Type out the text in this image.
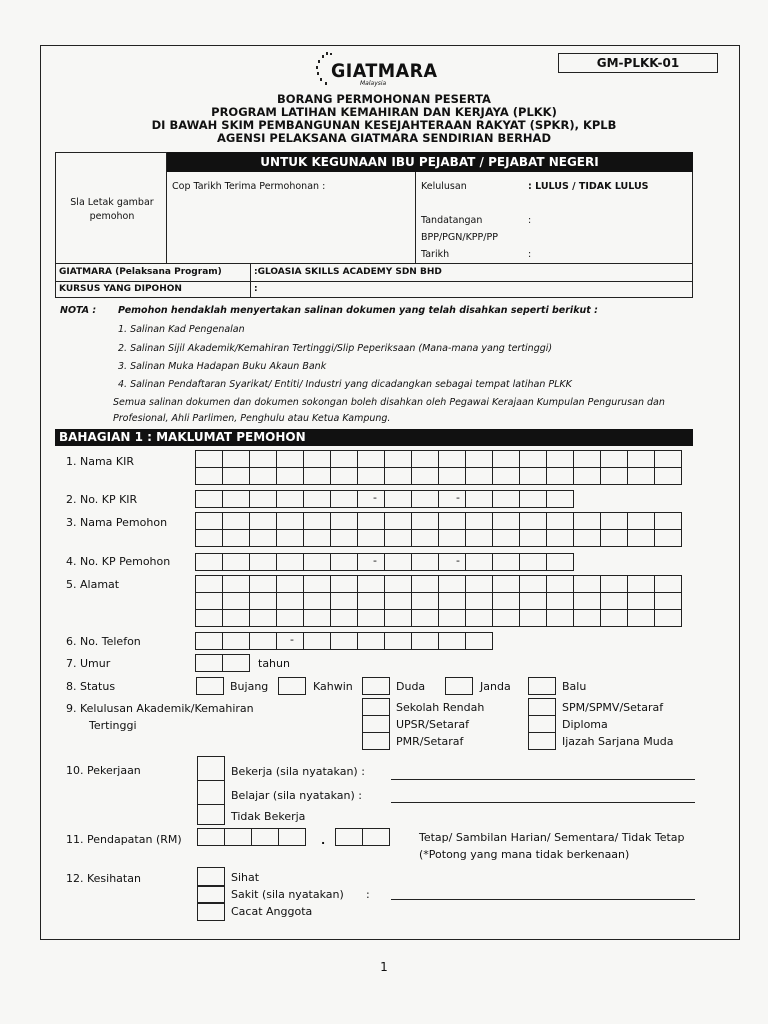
GM-PLKK-01
GIATMARA
Malaysia
BORANG PERMOHONAN PESERTA
PROGRAM LATIHAN KEMAHIRAN DAN KERJAYA (PLKK)
DI BAWAH SKIM PEMBANGUNAN KESEJAHTERAAN RAKYAT (SPKR), KPLB
AGENSI PELAKSANA GIATMARA SENDIRIAN BERHAD
UNTUK KEGUNAAN IBU PEJABAT / PEJABAT NEGERI
Sla Letak gambar pemohon
Cop Tarikh Terima Permohonan :	Kelulusan	: LULUS / TIDAK LULUS
Tandatangan	:
BPP/PGN/KPP/PP
Tarikh	:
GIATMARA (Pelaksana Program)	:GLOASIA SKILLS ACADEMY SDN BHD
KURSUS YANG DIPOHON	:
NOTA : Pemohon hendaklah menyertakan salinan dokumen yang telah disahkan seperti berikut :
1. Salinan Kad Pengenalan
2. Salinan Sijil Akademik/Kemahiran Tertinggi/Slip Peperiksaan (Mana-mana yang tertinggi)
3. Salinan Muka Hadapan Buku Akaun Bank
4. Salinan Pendaftaran Syarikat/ Entiti/ Industri yang dicadangkan sebagai tempat latihan PLKK
Semua salinan dokumen dan dokumen sokongan boleh disahkan oleh Pegawai Kerajaan Kumpulan Pengurusan dan
Profesional, Ahli Parlimen, Penghulu atau Ketua Kampung.
BAHAGIAN 1 : MAKLUMAT PEMOHON
1. Nama KIR
2. No. KP KIR	-	-
3. Nama Pemohon
4. No. KP Pemohon	-	-
5. Alamat
6. No. Telefon	-
7. Umur	tahun
8. Status	Bujang	Kahwin	Duda	Janda	Balu
9. Kelulusan Akademik/Kemahiran
Tertinggi
Sekolah Rendah
UPSR/Setaraf
PMR/Setaraf
SPM/SPMV/Setaraf
Diploma
Ijazah Sarjana Muda
10. Pekerjaan	Bekerja (sila nyatakan) :
Belajar (sila nyatakan) :
Tidak Bekerja
11. Pendapatan (RM)	.	Tetap/ Sambilan Harian/ Sementara/ Tidak Tetap
(*Potong yang mana tidak berkenaan)
12. Kesihatan	Sihat
Sakit (sila nyatakan)
Cacat Anggota
:
1
